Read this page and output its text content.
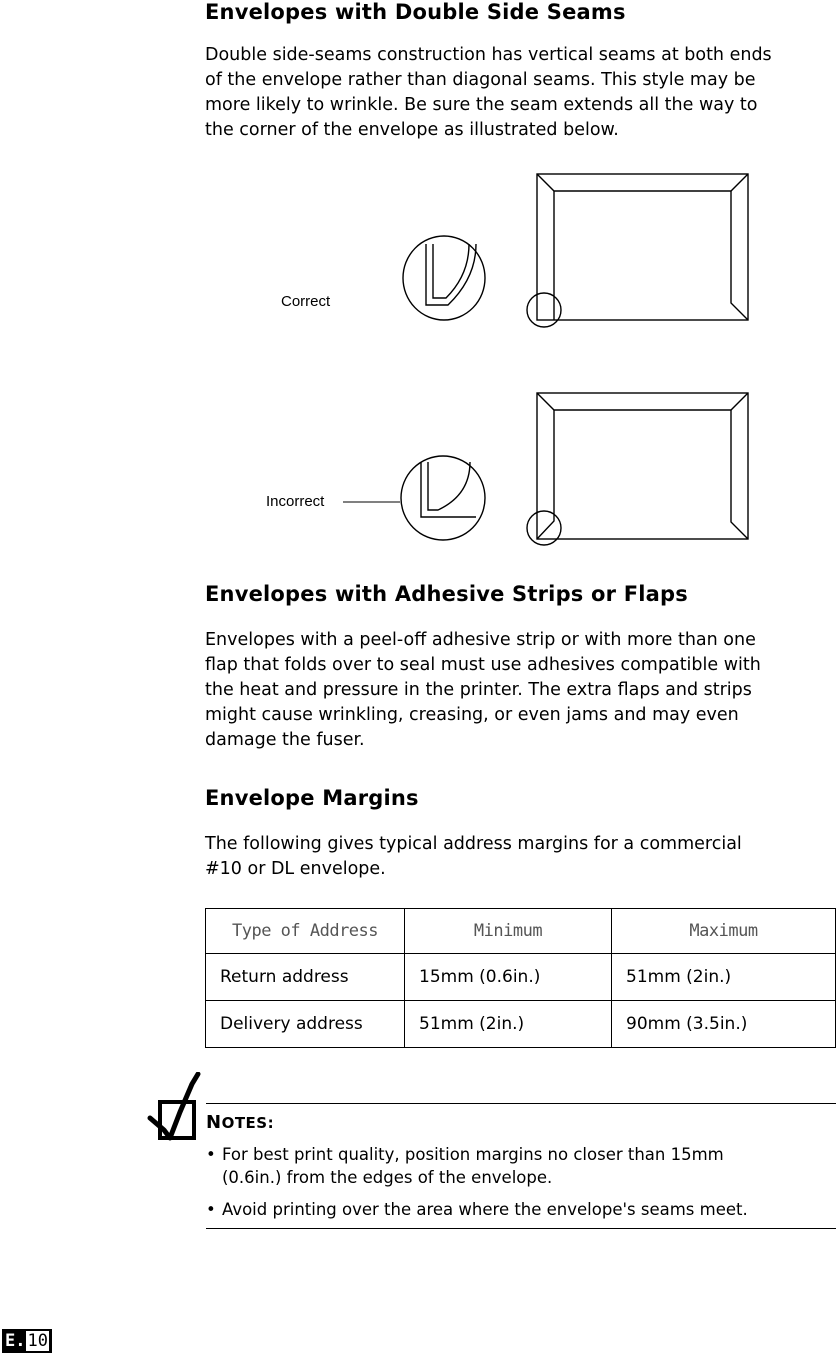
Envelopes with Double Side Seams
Double side-seams construction has vertical seams at both ends
of the envelope rather than diagonal seams. This style may be
more likely to wrinkle. Be sure the seam extends all the way to
the corner of the envelope as illustrated below.
Correct
Incorrect
Envelopes with Adhesive Strips or Flaps
Envelopes with a peel-off adhesive strip or with more than one
flap that folds over to seal must use adhesives compatible with
the heat and pressure in the printer. The extra flaps and strips
might cause wrinkling, creasing, or even jams and may even
damage the fuser.
Envelope Margins
The following gives typical address margins for a commercial
#10 or DL envelope.
Type of Address	Minimum	Maximum
Return address	15mm (0.6in.)	51mm (2in.)
Delivery address	51mm (2in.)	90mm (3.5in.)
NOTES:
• For best print quality, position margins no closer than 15mm
(0.6in.) from the edges of the envelope.
• Avoid printing over the area where the envelope's seams meet.
E. 10
